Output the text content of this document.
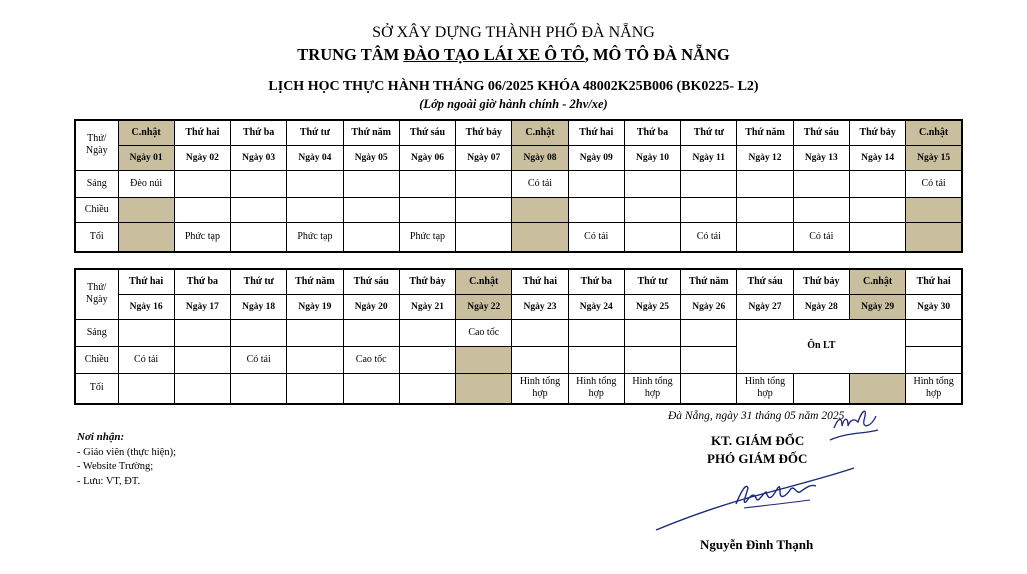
SỞ XÂY DỰNG THÀNH PHỐ ĐÀ NẴNG
TRUNG TÂM ĐÀO TẠO LÁI XE Ô TÔ, MÔ TÔ ĐÀ NẴNG
LỊCH HỌC THỰC HÀNH THÁNG 06/2025 KHÓA 48002K25B006 (BK0225- L2)
(Lớp ngoài giờ hành chính - 2hv/xe)
Thứ/
Ngày	C.nhật	Thứ hai	Thứ ba	Thứ tư	Thứ năm	Thứ sáu	Thứ bảy	C.nhật	Thứ hai	Thứ ba	Thứ tư	Thứ năm	Thứ sáu	Thứ bảy	C.nhật
	Ngày 01	Ngày 02	Ngày 03	Ngày 04	Ngày 05	Ngày 06	Ngày 07	Ngày 08	Ngày 09	Ngày 10	Ngày 11	Ngày 12	Ngày 13	Ngày 14	Ngày 15
Sáng	Đèo núi							Có tải							Có tải
Chiều															
Tối		Phức tạp		Phức tạp		Phức tạp			Có tải		Có tải		Có tải		
Thứ/
Ngày	Thứ hai	Thứ ba	Thứ tư	Thứ năm	Thứ sáu	Thứ bảy	C.nhật	Thứ hai	Thứ ba	Thứ tư	Thứ năm	Thứ sáu	Thứ bảy	C.nhật	Thứ hai
	Ngày 16	Ngày 17	Ngày 18	Ngày 19	Ngày 20	Ngày 21	Ngày 22	Ngày 23	Ngày 24	Ngày 25	Ngày 26	Ngày 27	Ngày 28	Ngày 29	Ngày 30
Sáng							Cao tốc					Ôn LT			
Chiều	Có tải		Có tải		Cao tốc										
Tối								Hình tổng hợp	Hình tổng hợp	Hình tổng hợp		Hình tổng hợp			Hình tổng hợp
Đà Nẵng, ngày 31 tháng 05 năm 2025
KT. GIÁM ĐỐC
PHÓ GIÁM ĐỐC
Nguyễn Đình Thạnh
Nơi nhận:
- Giáo viên (thực hiện);
- Website Trường;
- Lưu: VT, ĐT.
